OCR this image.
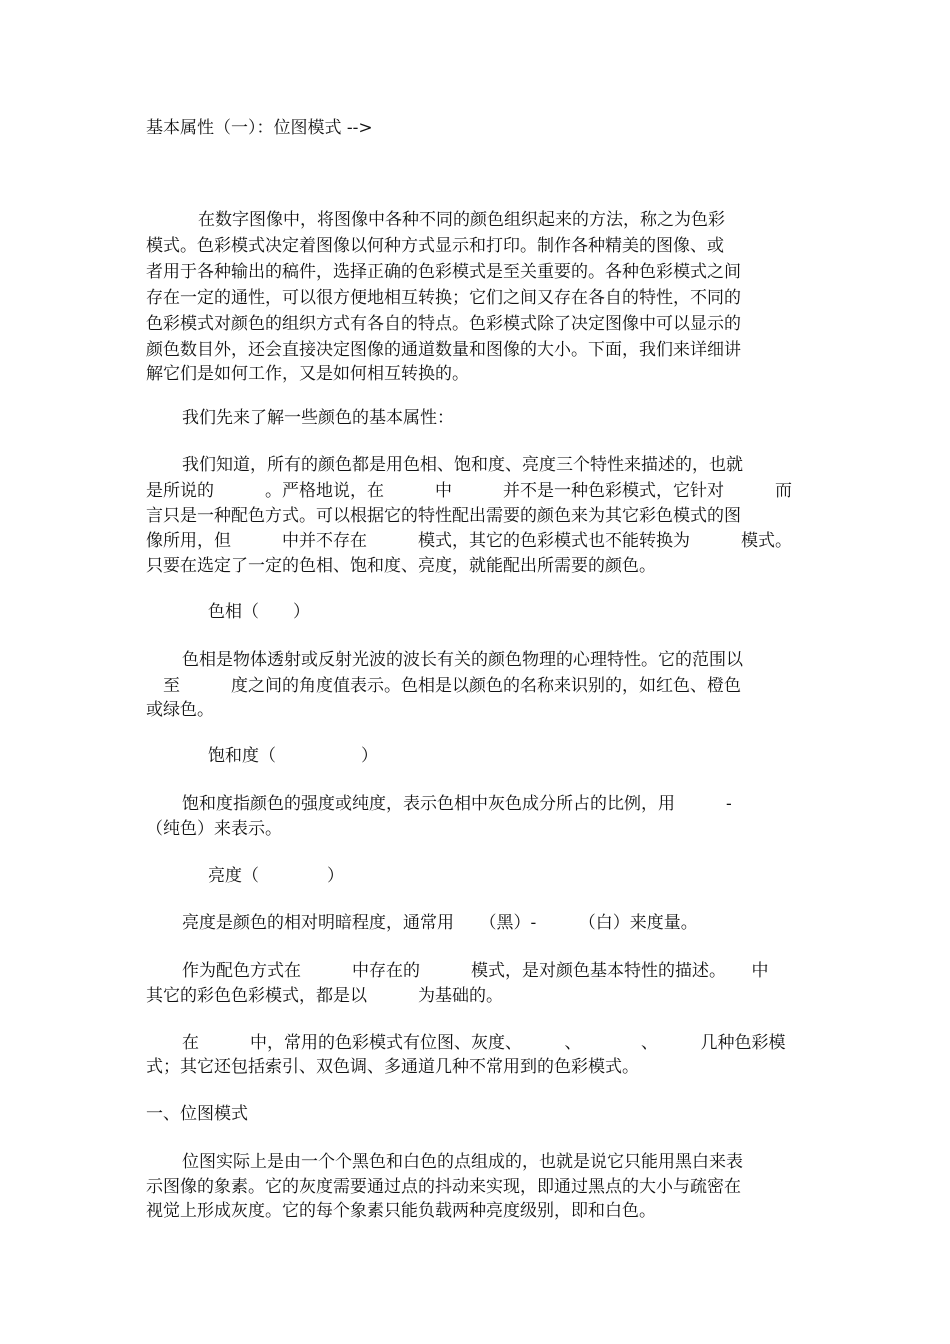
基本属性（一）：位图模式 -->
在数字图像中，将图像中各种不同的颜色组织起来的方法，称之为色彩
模式。色彩模式决定着图像以何种方式显示和打印。制作各种精美的图像、或
者用于各种输出的稿件，选择正确的色彩模式是至关重要的。各种色彩模式之间
存在一定的通性，可以很方便地相互转换；它们之间又存在各自的特性，不同的
色彩模式对颜色的组织方式有各自的特点。色彩模式除了决定图像中可以显示的
颜色数目外，还会直接决定图像的通道数量和图像的大小。下面，我们来详细讲
解它们是如何工作，又是如何相互转换的。
我们先来了解一些颜色的基本属性：
我们知道，所有的颜色都是用色相、饱和度、亮度三个特性来描述的，也就
是所说的　　　。严格地说，在　　　中　　　并不是一种色彩模式，它针对　　　而
言只是一种配色方式。可以根据它的特性配出需要的颜色来为其它彩色模式的图
像所用，但　　　中并不存在　　　模式，其它的色彩模式也不能转换为　　　模式。
只要在选定了一定的色相、饱和度、亮度，就能配出所需要的颜色。
色相（　　）
色相是物体透射或反射光波的波长有关的颜色物理的心理特性。它的范围以
　至　　　度之间的角度值表示。色相是以颜色的名称来识别的，如红色、橙色
或绿色。
饱和度（　　　　　）
饱和度指颜色的强度或纯度，表示色相中灰色成分所占的比例，用　　　-
（纯色）来表示。
亮度（　　　　）
亮度是颜色的相对明暗程度，通常用　　（黑）-　　　（白）来度量。
作为配色方式在　　　中存在的　　　模式，是对颜色基本特性的描述。　　中
其它的彩色色彩模式，都是以　　　为基础的。
在　　　中，常用的色彩模式有位图、灰度、　　　、　　　　、　　　几种色彩模
式；其它还包括索引、双色调、多通道几种不常用到的色彩模式。
一、位图模式
位图实际上是由一个个黑色和白色的点组成的，也就是说它只能用黑白来表
示图像的象素。它的灰度需要通过点的抖动来实现，即通过黑点的大小与疏密在
视觉上形成灰度。它的每个象素只能负载两种亮度级别，即和白色。
